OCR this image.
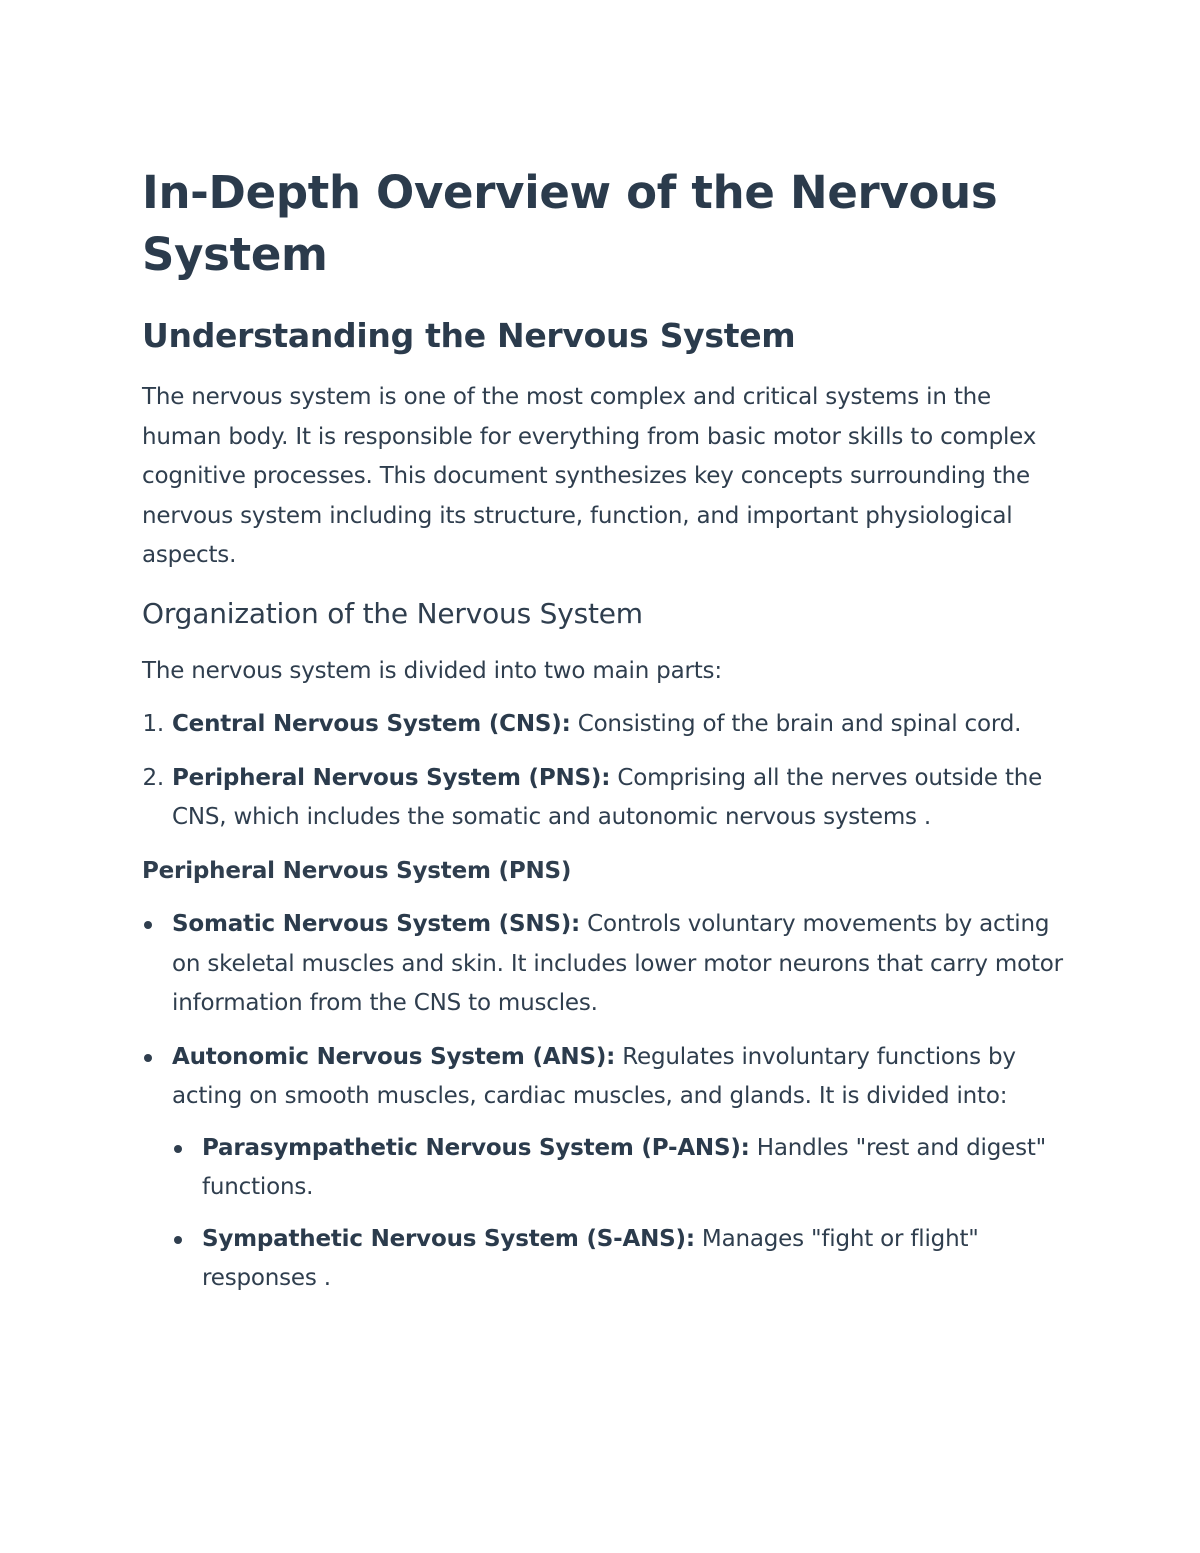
In-Depth Overview of the Nervous System
Understanding the Nervous System

The nervous system is one of the most complex and critical systems in the human body. It is responsible for everything from basic motor skills to complex cognitive processes. This document synthesizes key concepts surrounding the nervous system including its structure, function, and important physiological aspects.

Organization of the Nervous System

The nervous system is divided into two main parts:

1. Central Nervous System (CNS): Consisting of the brain and spinal cord.
2. Peripheral Nervous System (PNS): Comprising all the nerves outside the CNS, which includes the somatic and autonomic nervous systems .

Peripheral Nervous System (PNS)

Somatic Nervous System (SNS): Controls voluntary movements by acting on skeletal muscles and skin. It includes lower motor neurons that carry motor information from the CNS to muscles.
Autonomic Nervous System (ANS): Regulates involuntary functions by acting on smooth muscles, cardiac muscles, and glands. It is divided into:
Parasympathetic Nervous System (P-ANS): Handles "rest and digest" functions.
Sympathetic Nervous System (S-ANS): Manages "fight or flight" responses .
